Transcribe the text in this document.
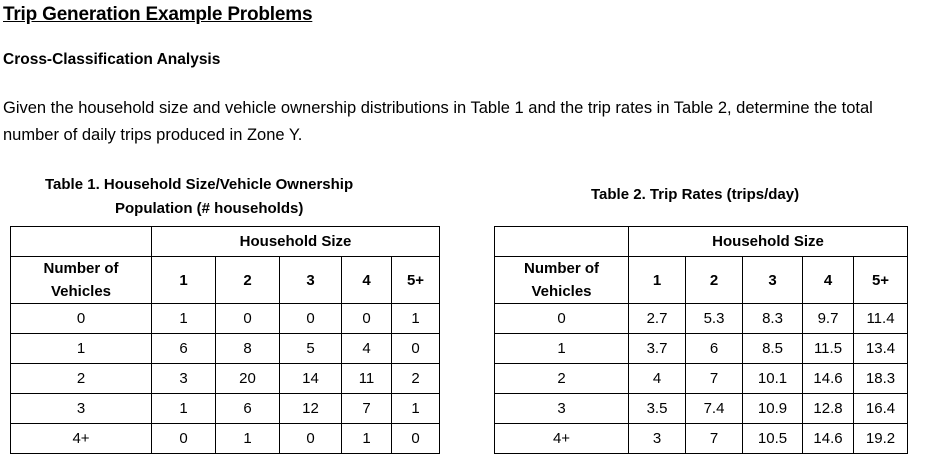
Trip Generation Example Problems
Cross-Classification Analysis
Given the household size and vehicle ownership distributions in Table 1 and the trip rates in Table 2, determine the total number of daily trips produced in Zone Y.
Table 1. Household Size/Vehicle Ownership
Population (# households)
Table 2. Trip Rates (trips/day)
	Household Size				

Number of
Vehicles	1	2	3	4	5+
0	1	0	0	0	1
1	6	8	5	4	0
2	3	20	14	11	2
3	1	6	12	7	1
4+	0	1	0	1	0
	Household Size				

Number of
Vehicles	1	2	3	4	5+
0	2.7	5.3	8.3	9.7	11.4
1	3.7	6	8.5	11.5	13.4
2	4	7	10.1	14.6	18.3
3	3.5	7.4	10.9	12.8	16.4
4+	3	7	10.5	14.6	19.2
